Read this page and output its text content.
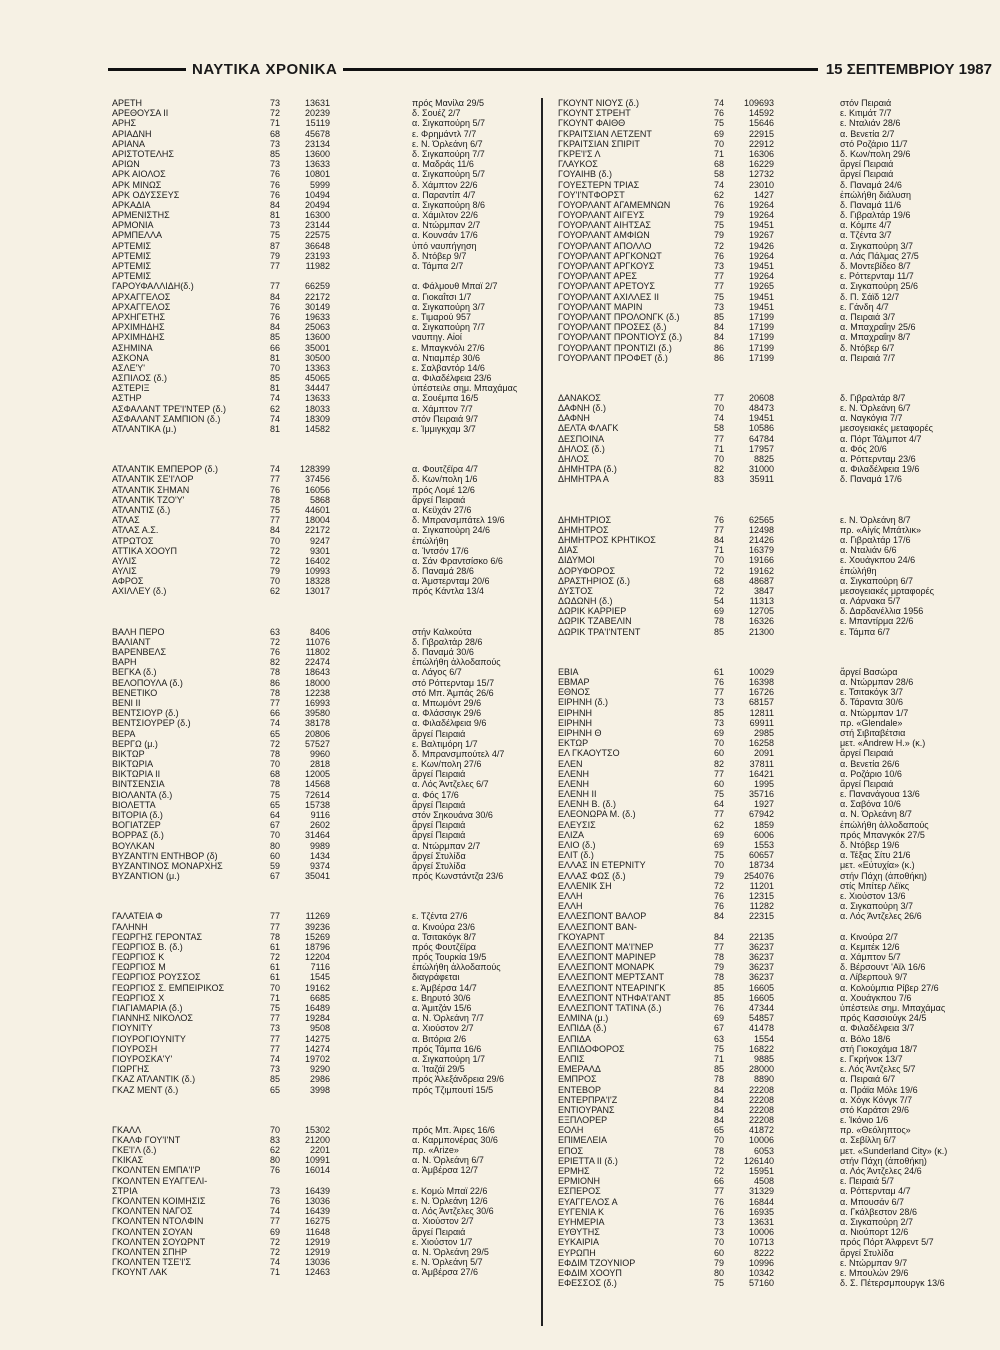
ΝΑΥΤΙΚΑ ΧΡΟΝΙΚΑ	15 ΣΕΠΤΕΜΒΡΙΟΥ 1987
ΑΡΕΤΗ	73	13631	πρός Μανίλα 29/5
ΑΡΕΘΟΥΣΑ ΙΙ	72	20239	δ. Σουέζ 2/7
ΑΡΗΣ	71	15119	α. Σιγκαπούρη 5/7
ΑΡΙΑΔΝΗ	68	45678	ε. Φρημάντλ 7/7
ΑΡΙΑΝΑ	73	23134	ε. Ν. Όρλεάνη 6/7
ΑΡΙΣΤΟΤΕΛΗΣ	85	13600	δ. Σιγκαπούρη 7/7
ΑΡΙΩΝ	73	13633	α. Μαδράς 11/6
ΑΡΚ ΑΙΟΛΟΣ	76	10801	α. Σιγκαπούρη 5/7
ΑΡΚ ΜΙΝΩΣ	76	5999	δ. Χάμπτον 22/6
ΑΡΚ ΟΔΥΣΣΕΥΣ	76	10494	α. Παραντίπ 4/7
ΑΡΚΑΔΙΑ	84	20494	α. Σιγκαπούρη 8/6
ΑΡΜΕΝΙΣΤΗΣ	81	16300	α. Χάμιλτον 22/6
ΑΡΜΟΝΙΑ	73	23144	α. Ντώρμπαν 2/7
ΑΡΜΠΕΛΛΑ	75	22575	α. Κουνσάν 17/6
ΑΡΤΕΜΙΣ	87	36648	ὑπό ναυπήγηση
ΑΡΤΕΜΙΣ	79	23193	δ. Ντόβερ 9/7
ΑΡΤΕΜΙΣ	77	11982	α. Τάμπα 2/7
ΑΡΤΕΜΙΣ
ΓΑΡΟΥΦΑΛΛΙΔΗ(δ.)	77	66259	α. Φάλμουθ Μπαϊ 2/7
ΑΡΧΑΓΓΕΛΟΣ	84	22172	α. Γιοκαΐτσι 1/7
ΑΡΧΑΓΓΕΛΟΣ	76	30149	α. Σιγκαπούρη 3/7
ΑΡΧΗΓΕΤΗΣ	76	19633	ε. Τιμαρού 957
ΑΡΧΙΜΗΔΗΣ	84	25063	α. Σιγκαπούρη 7/7
ΑΡΧΙΜΗΔΗΣ	85	13600	ναυπηγ. Αἰοί
ΑΣΗΜΙΝΑ	66	35001	ε. Μπαγκνόλι 27/6
ΑΣΚΟΝΑ	81	30500	α. Ντιαμπέρ 30/6
ΑΣΛΕ'Υ'	70	13363	ε. Σαλβαντόρ 14/6
ΑΣΠΙΛΟΣ (δ.)	85	45065	α. Φιλαδέλφεια 23/6
ΑΣΤΕΡΙΞ	81	34447	ὑπέστειλε σημ. Μπαχάμας
ΑΣΤΗΡ	74	13633	α. Σουέμπα 16/5
ΑΣΦΑΛΑΝΤ ΤΡΕ'Ι'ΝΤΕΡ (δ.)	62	18033	α. Χάμπτον 7/7
ΑΣΦΑΛΑΝΤ ΣΑΜΠΙΟΝ (δ.)	74	18309	στόν Πειραιά 9/7
ΑΤΛΑΝΤΙΚΑ (μ.)	81	14582	ε. Ίμμιγκχαμ 3/7
ΑΤΛΑΝΤΙΚ ΕΜΠΕΡΟΡ (δ.)	74	128399	α. Φουτζέϊρα 4/7
ΑΤΛΑΝΤΙΚ ΣΕ'Ι'ΛΟΡ	77	37456	δ. Κων/πολη 1/6
ΑΤΛΑΝΤΙΚ ΣΗΜΑΝ	76	16056	πρός Λομέ 12/6
ΑΤΛΑΝΤΙΚ ΤΖΟ'Υ'	78	5868	ἄργεί Πειραιά
ΑΤΛΑΝΤΙΣ (δ.)	75	44601	α. Κεϋχάν 27/6
ΑΤΛΑΣ	77	18004	δ. Μπρανσμπάτελ 19/6
ΑΤΛΑΣ Α.Σ.	84	22172	α. Σιγκαπούρη 24/6
ΑΤΡΩΤΟΣ	70	9247	ἐπώλήθη
ΑΤΤΙΚΑ ΧΟΟΥΠ	72	9301	α. Ἰντσόν 17/6
ΑΥΛΙΣ	72	16402	α. Σάν Φραντσίσκο 6/6
ΑΥΛΙΣ	79	10993	δ. Παναμά 28/6
ΑΦΡΟΣ	70	18328	α. Άμστερνταμ 20/6
ΑΧΙΛΛΕΥ (δ.)	62	13017	πρός Κάντλα 13/4
ΒΑΛΗ ΠΕΡΟ	63	8406	στήν Καλκούτα
ΒΑΛΙΑΝΤ	72	11076	δ. Γιβραλτάρ 28/6
ΒΑΡΕΝΒΕΛΣ	76	11802	δ. Παναμά 30/6
ΒΑΡΗ	82	22474	ἐπώλήθη ἀλλοδαπούς
ΒΕΓΚΑ (δ.)	78	18643	α. Λάγος 6/7
ΒΕΛΟΠΟΥΛΑ (δ.)	86	18000	στό Ρόττερνταμ 15/7
ΒΕΝΕΤΙΚΟ	78	12238	στό Μπ. Άμπάς 26/6
ΒΕΝΙ ΙΙ	77	16993	α. Μπωμόντ 29/6
ΒΕΝΤΣΙΟΥΡ (δ.)	66	39580	α. Φλάσσιγκ 29/6
ΒΕΝΤΣΙΟΥΡΕΡ (δ.)	74	38178	α. Φιλαδέλφεια 9/6
ΒΕΡΑ	65	20806	ἄργεί Πειραιά
ΒΕΡΓΩ (μ.)	72	57527	ε. Βαλτιμόρη 1/7
ΒΙΚΤΩΡ	78	9960	δ. Μπρανσμπούτελ 4/7
ΒΙΚΤΩΡΙΑ	70	2818	ε. Κων/πολη 27/6
ΒΙΚΤΩΡΙΑ ΙΙ	68	12005	ἄργεί Πειραιά
ΒΙΝΤΣΕΝΣΙΑ	78	14568	α. Λός Άντζελες 6/7
ΒΙΟΛΑΝΤΑ (δ.)	75	72614	α. Φός 17/6
ΒΙΟΛΕΤΤΑ	65	15738	ἄργεί Πειραιά
ΒΙΤΟΡΙΑ (δ.)	64	9116	στόν Σηκουάνα 30/6
ΒΟΓΙΑΤΖΕΡ	67	2602	ἄργεί Πειραιά
ΒΟΡΡΑΣ (δ.)	70	31464	ἄργεί Πειραιά
ΒΟΥΛΚΑΝ	80	9989	α. Ντώρμπαν 2/7
ΒΥΖΑΝΤΙ'Ν ΕΝΤΗΒΟΡ (δ)	60	1434	ἄργεί Στυλίδα
ΒΥΖΑΝΤΙΝΟΣ ΜΟΝΑΡΧΗΣ	59	9374	ἄργεί Στυλίδα
ΒΥΖΑΝΤΙΟΝ (μ.)	67	35041	πρός Κωνστάντζα 23/6
ΓΑΛΑΤΕΙΑ Φ	77	11269	ε. Τζέντα 27/6
ΓΑΛΗΝΗ	77	39236	α. Κινούρα 23/6
ΓΕΩΡΓΗΣ ΓΕΡΟΝΤΑΣ	78	15269	α. Τσιτακόγκ 8/7
ΓΕΩΡΓΙΟΣ Β. (δ.)	61	18796	πρός Φουτζέϊρα
ΓΕΩΡΓΙΟΣ Κ	72	12204	πρός Τουρκία 19/5
ΓΕΩΡΓΙΟΣ Μ	61	7116	ἐπώλήθη ἀλλοδαπούς
ΓΕΩΡΓΙΟΣ ΡΟΥΣΣΟΣ	61	1545	διαγράφεται
ΓΕΩΡΓΙΟΣ Σ. ΕΜΠΕΙΡΙΚΟΣ	70	19162	ε. Άμβέρσα 14/7
ΓΕΩΡΓΙΟΣ Χ	71	6685	ε. Βηρυτό 30/6
ΓΙΑΓΙΑΜΑΡΙΑ (δ.)	75	16489	α. Άμιτζάν 15/6
ΓΙΑΝΝΗΣ ΝΙΚΟΛΟΣ	77	19284	α. Ν. Όρλεάνη 7/7
ΓΙΟΥΝΙΤΥ	73	9508	α. Χιούστον 2/7
ΓΙΟΥΡΟΓΙΟΥΝΙΤΥ	77	14275	α. Βιτόρια 2/6
ΓΙΟΥΡΟΣΗ	77	14274	πρός Τάμπα 16/6
ΓΙΟΥΡΟΣΚΑ'Υ'	74	19702	α. Σιγκαπούρη 1/7
ΓΙΩΡΓΗΣ	73	9290	α. Ἰταζάϊ 29/5
ΓΚΑΖ ΑΤΛΑΝΤΙΚ (δ.)	85	2986	πρός Άλεξάνδρεια 29/6
ΓΚΑΖ ΜΕΝΤ (δ.)	65	3998	πρός Τζιμπουτί 15/5
ΓΚΑΛΛ	70	15302	πρός Μπ. Άιρες 16/6
ΓΚΑΛΦ ΓΟΥ'Ι'ΝΤ	83	21200	α. Καρμπονέρας 30/6
ΓΚΕ'Ι'Λ (δ.)	62	2201	πρ. «Arize»
ΓΚΙΚΑΣ	80	10991	α. Ν. Όρλεάνη 6/7
ΓΚΟΛΝΤΕΝ ΕΜΠΑ'Ι'Ρ	76	16014	α. Άμβέρσα 12/7
ΓΚΟΛΝΤΕΝ ΕΥΑΓΓΕΛΙ-
ΣΤΡΙΑ	73	16439	ε. Κομώ Μπαϊ 22/6
ΓΚΟΛΝΤΕΝ ΚΟΙΜΗΣΙΣ	76	13036	ε. Ν. Όρλεάνη 12/6
ΓΚΟΛΝΤΕΝ ΝΑΓΟΣ	74	16439	α. Λός Άντζελες 30/6
ΓΚΟΛΝΤΕΝ ΝΤΟΛΦΙΝ	77	16275	α. Χιούστον 2/7
ΓΚΟΛΝΤΕΝ ΣΟΥΑΝ	69	11648	ἄργεί Πειραιά
ΓΚΟΛΝΤΕΝ ΣΟΥΩΡΝΤ	72	12919	ε. Χιούστον 1/7
ΓΚΟΛΝΤΕΝ ΣΠΗΡ	72	12919	α. Ν. Όρλεάνη 29/5
ΓΚΟΛΝΤΕΝ ΤΣΕ'Ι'Σ	74	13036	ε. Ν. Όρλεάνη 5/7
ΓΚΟΥΝΤ ΛΑΚ	71	12463	α. Άμβέρσα 27/6
ΓΚΟΥΝΤ ΝΙΟΥΣ (δ.)	74	109693	στόν Πειραιά
ΓΚΟΥΝΤ ΣΤΡΕΗΤ	76	14592	ε. Κιτιμάτ 7/7
ΓΚΟΥΝΤ ΦΑΙΘΘ	75	15646	ε. Νταλιάν 28/6
ΓΚΡΑΙΤΣΙΑΝ ΛΕΤΖΕΝΤ	69	22915	α. Βενετία 2/7
ΓΚΡΑΙΤΣΙΑΝ ΣΠΙΡΙΤ	70	22912	στό Ροζάριο 11/7
ΓΚΡΕ'Ι'Σ Λ	71	16306	δ. Κων/πολη 29/6
ΓΛΑΥΚΟΣ	68	16229	ἄργεί Πειραιά
ΓΟΥΑΙΗΒ (δ.)	58	12732	ἄργεί Πειραιά
ΓΟΥΕΣΤΕΡΝ ΤΡΙΑΣ	74	23010	δ. Παναμά 24/6
ΓΟΥ'Ι'ΝΤΦΟΡΣΤ	62	1427	ἐπώλήθη διάλυση
ΓΟΥΟΡΛΑΝΤ ΑΓΑΜΕΜΝΩΝ	76	19264	δ. Παναμά 11/6
ΓΟΥΟΡΛΑΝΤ ΑΙΓΕΥΣ	79	19264	δ. Γιβραλτάρ 19/6
ΓΟΥΟΡΛΑΝΤ ΑΙΗΤΣΑΣ	75	19451	α. Κόμπε 4/7
ΓΟΥΟΡΛΑΝΤ ΑΜΦΙΩΝ	79	19267	α. Τζέντα 3/7
ΓΟΥΟΡΛΑΝΤ ΑΠΟΛΛΟ	72	19426	α. Σιγκαπούρη 3/7
ΓΟΥΟΡΛΑΝΤ ΑΡΓΚΟΝΩΤ	76	19264	α. Λάς Πάλμας 27/5
ΓΟΥΟΡΛΑΝΤ ΑΡΓΚΟΥΣ	73	19451	δ. Μοντεβίδεο 8/7
ΓΟΥΟΡΛΑΝΤ ΑΡΕΣ	77	19264	ε. Ρόττερνταμ 11/7
ΓΟΥΟΡΛΑΝΤ ΑΡΕΤΟΥΣ	77	19265	α. Σιγκαπούρη 25/6
ΓΟΥΟΡΛΑΝΤ ΑΧΙΛΛΕΣ ΙΙ	75	19451	δ. Π. Σάϊδ 12/7
ΓΟΥΟΡΛΑΝΤ ΜΑΡΙΝ	73	19451	ε. Γάνδη 4/7
ΓΟΥΟΡΛΑΝΤ ΠΡΟΛΟΝΓΚ (δ.)	85	17199	α. Πειραιά 3/7
ΓΟΥΟΡΛΑΝΤ ΠΡΟΣΕΣ (δ.)	84	17199	α. Μπαχραΐην 25/6
ΓΟΥΟΡΛΑΝΤ ΠΡΟΝΤΙΟΥΣ (δ.)	84	17199	α. Μπαχραΐην 8/7
ΓΟΥΟΡΛΑΝΤ ΠΡΟΝΤΙΖΙ (δ.)	86	17199	δ. Ντόβερ 6/7
ΓΟΥΟΡΛΑΝΤ ΠΡΟΦΕΤ (δ.)	86	17199	α. Πειραιά 7/7
ΔΑΝΑΚΟΣ	77	20608	δ. Γιβραλτάρ 8/7
ΔΑΦΝΗ (δ.)	70	48473	ε. Ν. Όρλεάνη 6/7
ΔΑΦΝΗ	74	19451	α. Ναγκόγια 7/7
ΔΕΛΤΑ ΦΛΑΓΚ	58	10586	μεσογειακές μεταφορές
ΔΕΣΠΟΙΝΑ	77	64784	α. Πόρτ Τάλμποτ 4/7
ΔΗΛΟΣ (δ.)	71	17957	α. Φός 20/6
ΔΗΛΟΣ	70	8825	α. Ρόττερνταμ 23/6
ΔΗΜΗΤΡΑ (δ.)	82	31000	α. Φιλαδέλφεια 19/6
ΔΗΜΗΤΡΑ Α	83	35911	δ. Παναμά 17/6
ΔΗΜΗΤΡΙΟΣ	76	62565	ε. Ν. Όρλεάνη 8/7
ΔΗΜΗΤΡΟΣ	77	12498	πρ. «Αἰγίς Μπάτλικ»
ΔΗΜΗΤΡΟΣ ΚΡΗΤΙΚΟΣ	84	21426	α. Γιβραλτάρ 17/6
ΔΙΑΣ	71	16379	α. Νταλιάν 6/6
ΔΙΔΥΜΟΙ	70	19166	ε. Χουάγκπου 24/6
ΔΟΡΥΦΟΡΟΣ	72	19162	ἐπώλήθη
ΔΡΑΣΤΗΡΙΟΣ (δ.)	68	48687	α. Σιγκαπούρη 6/7
ΔΥΣΤΟΣ	72	3847	μεσογειακές μρταφορές
ΔΩΔΩΝΗ (δ.)	54	11313	α. Λάρνακα 5/7
ΔΩΡΙΚ ΚΑΡΡΙΕΡ	69	12705	δ. Δαρδανέλλια 1956
ΔΩΡΙΚ ΤΖΑΒΕΛΙΝ	78	16326	ε. Μπαντίρμα 22/6
ΔΩΡΙΚ ΤΡΑ'Ι'ΝΤΕΝΤ	85	21300	ε. Τάμπα 6/7
ΕΒΙΑ	61	10029	ἄργεί Βασώρα
ΕΒΜΑΡ	76	16398	α. Ντώρμπαν 28/6
ΕΘΝΟΣ	77	16726	ε. Τσιτακόγκ 3/7
ΕΙΡΗΝΗ (δ.)	73	68157	δ. Τάραντα 30/6
ΕΙΡΗΝΗ	85	12811	α. Ντώρμπαν 1/7
ΕΙΡΗΝΗ	73	69911	πρ. «Glendale»
ΕΙΡΗΝΗ Θ	69	2985	στή Σιβιταβέτσια
ΕΚΤΩΡ	70	16258	μετ. «Andrew H.» (κ.)
ΕΛ ΓΚΑΟΥΤΣΟ	60	2091	ἄργεί Πειραιά
ΕΛΕΝ	82	37811	α. Βενετία 26/6
ΕΛΕΝΗ	77	16421	α. Ροζάριο 10/6
ΕΛΕΝΗ	60	1995	ἄργεί Πειραιά
ΕΛΕΝΗ ΙΙ	75	35716	ε. Πανανάγουα 13/6
ΕΛΕΝΗ Β. (δ.)	64	1927	α. Σαβόνα 10/6
ΕΛΕΟΝΩΡΑ Μ. (δ.)	77	67942	α. Ν. Όρλεάνη 8/7
ΕΛΕΥΣΙΣ	62	1859	ἐπώλήθη ἀλλοδαπούς
ΕΛΙΖΑ	69	6006	πρός Μπανγκόκ 27/5
ΕΛΙΟ (δ.)	69	1553	δ. Ντόβερ 19/6
ΕΛΙΤ (δ.)	75	60657	α. Τέξας Σίτυ 21/6
ΕΛΛΑΣ ΙΝ ΕΤΕΡΝΙΤΥ	70	18734	μετ. «Εὐτυχία» (κ.)
ΕΛΛΑΣ ΦΩΣ (δ.)	79	254076	στήν Πάχη (ἀποθήκη)
ΕΛΛΕΝΙΚ ΣΗ	72	11201	στίς Μπίτερ Λέϊκς
ΕΛΛΗ	76	12315	ε. Χιούστον 13/6
ΕΛΛΗ	76	11282	α. Σιγκαπούρη 3/7
ΕΛΛΕΣΠΟΝΤ ΒΑΛΟΡ	84	22315	α. Λός Άντζελες 26/6
ΕΛΛΕΣΠΟΝΤ ΒΑΝ-
ΓΚΟΥΑΡΝΤ	84	22135	α. Κινούρα 2/7
ΕΛΛΕΣΠΟΝΤ ΜΑ'Ι'ΝΕΡ	77	36237	α. Κεμιτέκ 12/6
ΕΛΛΕΣΠΟΝΤ ΜΑΡΙΝΕΡ	78	36237	α. Χάμπτον 5/7
ΕΛΛΕΣΠΟΝΤ ΜΟΝΑΡΚ	79	36237	δ. Βέρσουντ 'Αϊλ 16/6
ΕΛΛΕΣΠΟΝΤ ΜΕΡΤΣΑΝΤ	78	36237	α. Λίβερπουλ 9/7
ΕΛΛΕΣΠΟΝΤ ΝΤΕΑΡΙΝΓΚ	85	16605	α. Κολούμπια Ρίβερ 27/6
ΕΛΛΕΣΠΟΝΤ ΝΤΗΦΑ'Ι'ΑΝΤ	85	16605	α. Χουάγκπου 7/6
ΕΛΛΕΣΠΟΝΤ ΤΑΤΙΝΑ (δ.)	76	47344	ὑπέστειλε σημ. Μπαχάμας
ΕΛΜΙΝΑ (μ.)	69	54857	πρός Κασσιούγκ 24/5
ΕΛΠΙΔΑ (δ.)	67	41478	α. Φιλαδέλφεια 3/7
ΕΛΠΙΔΑ	63	1554	α. Βόλο 18/6
ΕΛΠΙΔΟΦΟΡΟΣ	75	16822	στή Γιοκοχάμα 18/7
ΕΛΠΙΣ	71	9885	ε. Γκρήνοκ 13/7
ΕΜΕΡΑΛΔ	85	28000	ε. Λός Άντζελες 5/7
ΕΜΠΡΟΣ	78	8890	α. Πειραιά 6/7
ΕΝΤΕΒΟΡ	84	22208	α. Πράϊα Μόλε 19/6
ΕΝΤΕΡΠΡΑ'Ι'Ζ	84	22208	α. Χόγκ Κόνγκ 7/7
ΕΝΤΙΟΥΡΑΝΣ	84	22208	στό Καράτσι 29/6
ΕΞΠΛΟΡΕΡ	84	22208	ε. Ἰκόνιο 1/6
ΕΟΛΗ	65	41872	πρ. «Θεόληπτος»
ΕΠΙΜΕΛΕΙΑ	70	10006	α. Σεβίλλη 6/7
ΕΠΟΣ	78	6053	μετ. «Sunderland City» (κ.)
ΕΡΙΕΤΤΑ ΙΙ (δ.)	72	126140	στήν Πάχη (ἀποθήκη)
ΕΡΜΗΣ	72	15951	α. Λός Άντζελες 24/6
ΕΡΜΙΟΝΗ	66	4508	ε. Πειραιά 5/7
ΕΣΠΕΡΟΣ	77	31329	α. Ρόττερνταμ 4/7
ΕΥΑΓΓΕΛΟΣ Α	76	16844	α. Μπουσάν 6/7
ΕΥΓΕΝΙΑ Κ	76	16935	α. Γκάλβεστον 28/6
ΕΥΗΜΕΡΙΑ	73	13631	α. Σιγκαπούρη 2/7
ΕΥΘΥΤΗΣ	73	10006	α. Νιούπορτ 12/6
ΕΥΚΑΙΡΙΑ	70	10713	πρός Πόρτ Άλφρεντ 5/7
ΕΥΡΩΠΗ	60	8222	ἄργεί Στυλίδα
ΕΦΔΙΜ ΤΖΟΥΝΙΟΡ	79	10996	ε. Ντώρμπαν 9/7
ΕΦΔΙΜ ΧΟΟΥΠ	80	10342	ε. Μπουλών 29/6
ΕΦΕΣΣΟΣ (δ.)	75	57160	δ. Σ. Πέτερσμπουργκ 13/6
